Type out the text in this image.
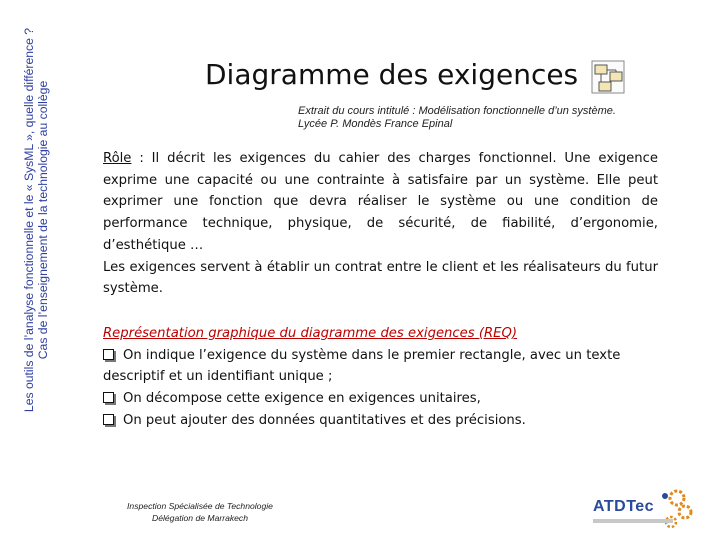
Les outils de l’analyse fonctionnelle et le « SysML », quelle différence ? Cas de l’enseignement de la technologie au collège
Diagramme des exigences
Extrait du cours intitulé : Modélisation fonctionnelle d’un système.
Lycée P. Mondès France Epinal
Rôle : Il décrit les exigences du cahier des charges fonctionnel. Une exigence exprime une capacité ou une contrainte à satisfaire par un système. Elle peut exprimer une fonction que devra réaliser le système ou une condition de performance technique, physique, de sécurité, de fiabilité, d’ergonomie, d’esthétique …
Les exigences servent à établir un contrat entre le client et les réalisateurs du futur système.
Représentation graphique du diagramme des exigences (REQ)
On indique l’exigence du système dans le premier rectangle, avec un texte descriptif et un identifiant unique ;
On décompose cette exigence en exigences unitaires,
On peut ajouter des données quantitatives et des précisions.
Inspection Spécialisée de Technologie
Délégation de Marrakech
ATDTec
